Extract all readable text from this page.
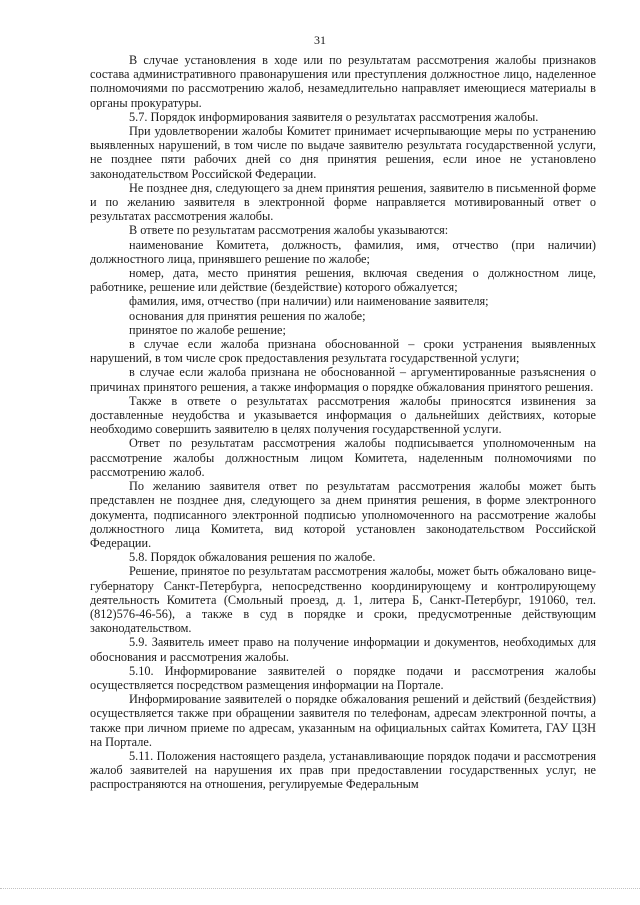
31

В случае установления в ходе или по результатам рассмотрения жалобы признаков состава административного правонарушения или преступления должностное лицо, наделенное полномочиями по рассмотрению жалоб, незамедлительно направляет имеющиеся материалы в органы прокуратуры.

5.7. Порядок информирования заявителя о результатах рассмотрения жалобы.

При удовлетворении жалобы Комитет принимает исчерпывающие меры по устранению выявленных нарушений, в том числе по выдаче заявителю результата государственной услуги, не позднее пяти рабочих дней со дня принятия решения, если иное не установлено законодательством Российской Федерации.

Не позднее дня, следующего за днем принятия решения, заявителю в письменной форме и по желанию заявителя в электронной форме направляется мотивированный ответ о результатах рассмотрения жалобы.

В ответе по результатам рассмотрения жалобы указываются:

наименование Комитета, должность, фамилия, имя, отчество (при наличии) должностного лица, принявшего решение по жалобе;

номер, дата, место принятия решения, включая сведения о должностном лице, работнике, решение или действие (бездействие) которого обжалуется;

фамилия, имя, отчество (при наличии) или наименование заявителя;

основания для принятия решения по жалобе;

принятое по жалобе решение;

в случае если жалоба признана обоснованной – сроки устранения выявленных нарушений, в том числе срок предоставления результата государственной услуги;

в случае если жалоба признана не обоснованной – аргументированные разъяснения о причинах принятого решения, а также информация о порядке обжалования принятого решения.

Также в ответе о результатах рассмотрения жалобы приносятся извинения за доставленные неудобства и указывается информация о дальнейших действиях, которые необходимо совершить заявителю в целях получения государственной услуги.

Ответ по результатам рассмотрения жалобы подписывается уполномоченным на рассмотрение жалобы должностным лицом Комитета, наделенным полномочиями по рассмотрению жалоб.

По желанию заявителя ответ по результатам рассмотрения жалобы может быть представлен не позднее дня, следующего за днем принятия решения, в форме электронного документа, подписанного электронной подписью уполномоченного на рассмотрение жалобы должностного лица Комитета, вид которой установлен законодательством Российской Федерации.

5.8. Порядок обжалования решения по жалобе.

Решение, принятое по результатам рассмотрения жалобы, может быть обжаловано вице-губернатору Санкт-Петербурга, непосредственно координирующему и контролирующему деятельность Комитета (Смольный проезд, д. 1, литера Б, Санкт-Петербург, 191060, тел. (812)576-46-56), а также в суд в порядке и сроки, предусмотренные действующим законодательством.

5.9. Заявитель имеет право на получение информации и документов, необходимых для обоснования и рассмотрения жалобы.

5.10. Информирование заявителей о порядке подачи и рассмотрения жалобы осуществляется посредством размещения информации на Портале.

Информирование заявителей о порядке обжалования решений и действий (бездействия) осуществляется также при обращении заявителя по телефонам, адресам электронной почты, а также при личном приеме по адресам, указанным на официальных сайтах Комитета, ГАУ ЦЗН на Портале.

5.11. Положения настоящего раздела, устанавливающие порядок подачи и рассмотрения жалоб заявителей на нарушения их прав при предоставлении государственных услуг, не распространяются на отношения, регулируемые Федеральным
